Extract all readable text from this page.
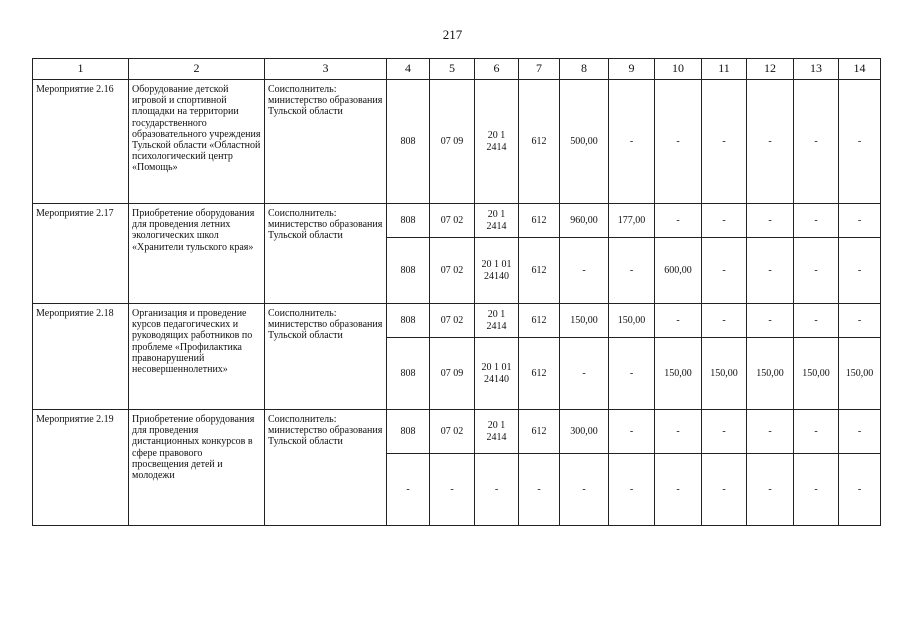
217
1	2	3	4	5	6	7	8	9	10	11	12	13	14
Мероприятие 2.16	Оборудование детской игровой и спортивной площадки на территории государственного образовательного учреждения Тульской области «Областной психологический центр «Помощь»	Соисполнитель: министерство образования Тульской области	808	07 09	20 1 2414	612	500,00	-	-	-	-	-	-
Мероприятие 2.17	Приобретение оборудования для проведения летних экологических школ «Хранители тульского края»	Соисполнитель: министерство образования Тульской области	808	07 02	20 1 2414	612	960,00	177,00	-	-	-	-	-
			808	07 02	20 1 01 24140	612	-	-	600,00	-	-	-	-
Мероприятие 2.18	Организация и проведение курсов педагогических и руководящих работников по проблеме «Профилактика правонарушений несовершеннолетних»	Соисполнитель: министерство образования Тульской области	808	07 02	20 1 2414	612	150,00	150,00	-	-	-	-	-
			808	07 09	20 1 01 24140	612	-	-	150,00	150,00	150,00	150,00	150,00
Мероприятие 2.19	Приобретение оборудования для проведения дистанционных конкурсов в сфере правового просвещения детей и молодежи	Соисполнитель: министерство образования Тульской области	808	07 02	20 1 2414	612	300,00	-	-	-	-	-	-
			-	-	-	-	-	-	-	-	-	-	-
